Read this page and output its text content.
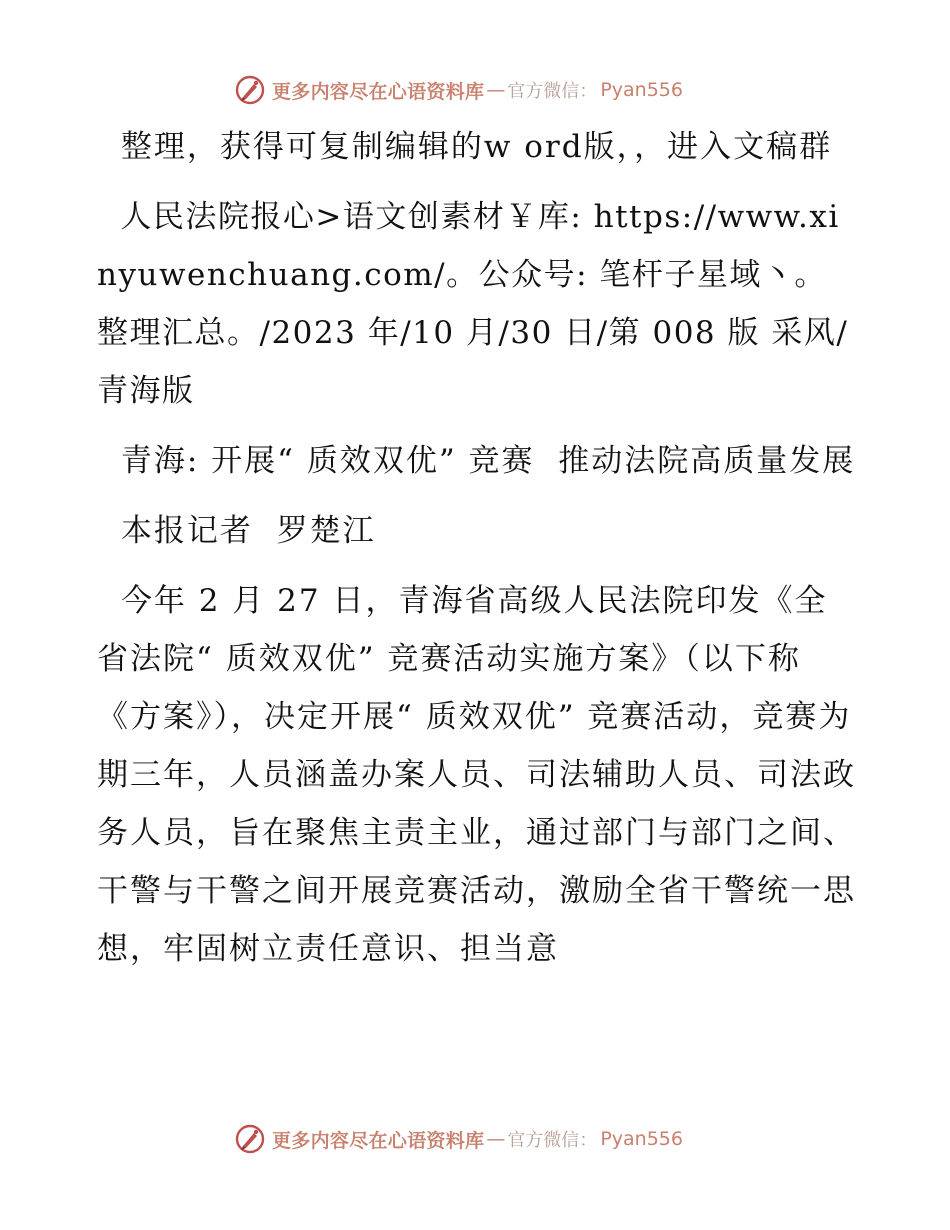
更多内容尽在心语资料库 — 官方微信： Pyan556

整理，获得可复制编辑的w ord版，，进入文稿群

人民法院报心>语文创素材￥库: https://www.xinyuwenchuang.com/。公众号: 笔杆子星域丶。整理汇总。/2023 年/10 月/30 日/第 008 版 采风/青海版

青海: 开展“ 质效双优” 竞赛  推动法院高质量发展

本报记者  罗楚江

今年 2 月 27 日，青海省高级人民法院印发《全省法院“ 质效双优” 竞赛活动实施方案》（以下称《方案》），决定开展“ 质效双优” 竞赛活动，竞赛为期三年，人员涵盖办案人员、司法辅助人员、司法政务人员，旨在聚焦主责主业，通过部门与部门之间、干警与干警之间开展竞赛活动，激励全省干警统一思想，牢固树立责任意识、担当意

更多内容尽在心语资料库 — 官方微信： Pyan556
